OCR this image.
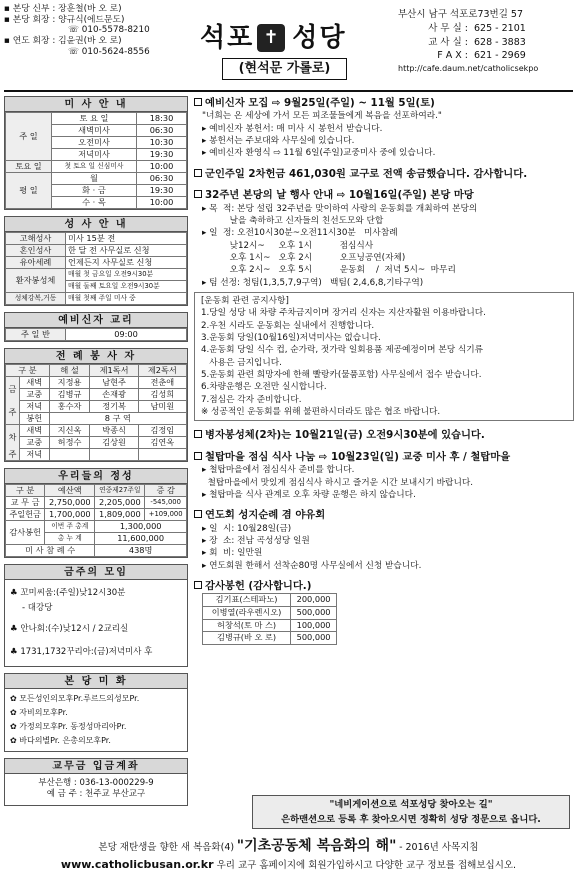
▪ 본당 신부 : 장훈철(바 오 로)
▪ 본당 회장 : 양규식(에드문도)
☏ 010-5578-8210
▪ 연도 회장 : 김윤권(바 오 로)
☏ 010-5624-8556	석포 성당
✝
(현석문 가롤로)
부산시 남구 석포로73번길 57
사 무 실 : 625 - 2101
교 사 실 : 628 - 3883
F A X : 621 - 2969
http://cafe.daum.net/catholicsekpo
미 사 안 내
주 일	토 요 일	18:30
	새벽미사	06:30
	오전미사	10:30
	저녁미사	19:30
토요 일	첫 토요 일 신심미사	10:00
평 일	월	06:30
	화 · 금	19:30
	수 · 목	10:00
성 사 안 내
고해성사	미사 15분 전
혼인성사	한 달 전 사무실로 신청
유아세례	언제든지 사무실로 신청
환자봉성체	매월 첫 금요일 오전9시30분
	매월 둘째 토요일 오전9시30분
성체강복,거동	매월 첫째 주일 미사 중
예비신자 교리
주 일 반	09:00
전 례 봉 사 자
구 분		해 설	제1독서	제2독서
금	새벽	지정용	남현주	전춘애
	교중	김병규	손재광	김성희
주	저녁	홍수자	정기복	남미원
	봉헌	8 구 역		
차	새벽	지신옥	박종식	김정임
	교중	허정수	김상원	김연옥
주	저녁			
우리들의 정성
구 분	예산액	연중제27주일	증 감
교 무 금	2,750,000	2,205,000	-545,000
주일헌금	1,700,000	1,809,000	+109,000
감사봉헌	이번 주 총계	1,300,000	
	총 누 계	11,600,000	
미 사 참 례 수		438명	
금주의 모임
♣ 꼬미씨움:(주일)낮12시30분
- 대강당
♣ 안나회:(수)낮12시 / 2교리실
♣ 1731,1732꾸리아:(금)저녁미사 후
본 당 미 화
✿ 모든성인의모후Pr.루르드의성모Pr.
✿ 자비의모후Pr.
✿ 가정의모후Pr. 동정성마리아Pr.
✿ 바다의별Pr. 은총의모후Pr.
교무금 입금계좌
부산은행 : 036-13-000229-9
예 금 주 : 천주교 부산교구
예비신자 모집 ⇨ 9월25일(주일) ~ 11월 5일(토)
"너희는 온 세상에 가서 모든 피조물들에게 복음을 선포하여라."
▸ 예비신자 봉헌서: 매 미사 시 봉헌서 받습니다.
▸ 봉헌서는 주보대와 사무실에 있습니다.
▸ 예비신자 환영식 ⇨ 11월 6일(주일)교중미사 중에 있습니다.
군인주일 2차헌금 461,030원 교구로 전액 송금했습니다. 감사합니다.
32주년 본당의 날 행사 안내 ⇨ 10월16일(주일) 본당 마당
▸ 목  적: 본당 설립 32주년을 맞이하여 사랑의 운동회를 개최하여 본당의
날을 축하하고 신자들의 친선도모와 단합
▸ 일  정: 오전10시30분~오전11시30분   미사참례
낮12시~     오후 1시          점심식사
오후 1시~   오후 2시          오프닝공연(자체)
오후 2시~   오후 5시          운동회    /  저녁 5시~  마무리
▸ 팀 선정: 청팀(1,3,5,7,9구역)   백팀( 2,4,6,8,기타구역)
[운동회 관련 공지사항]
1.당일 성당 내 차량 주차금지이며 장거리 신자는 지산자활원 이용바랍니다.
2.우천 시라도 운동회는 실내에서 진행합니다.
3.운동회 당일(10월16일)저녁미사는 없습니다.
4.운동회 당일 식수 컵, 순가락, 젓가락 일회용품 제공예정이며 본당 식기류
사용은 금지입니다.
5.운동회 관련 희망자에 한해 빨랑카(물품포함) 사무실에서 접수 받습니다.
6.차량운행은 오전만 실시합니다.
7.점심은 각자 준비합니다.
※ 성공적인 운동회를 위해 불편하시더라도 많은 협조 바랍니다.
병자봉성체(2차)는 10월21일(금) 오전9시30분에 있습니다.
철탑마을 점심 식사 나눔 ⇨ 10월23일(일) 교중 미사 후 / 철탑마을
▸ 철탑마을에서 점심식사 준비를 합니다.
철탑마을에서 맛있게 점심식사 하시고 즐거운 시간 보내시기 바랍니다.
▸ 철탑마을 식사 관계로 오후 차량 운행은 하지 않습니다.
연도회 성지순례 겸 야유회
▸ 일  시: 10월28일(금)
▸ 장  소: 전남 곡성성당 일원
▸ 회  비: 일만원
▸ 연도회원 한해서 선착순80명 사무실에서 신청 받습니다.
감사봉헌 (감사합니다.)
김기표(스테파노)	200,000
이병열(라우렌시오)	500,000
허창석(토 마 스)	100,000
김병규(바 오 로)	500,000
"네비게이션으로 석포성당 찾아오는 길"
은하맨션으로 등록 후 찾아오시면 정확히 성당 정문으로 옵니다.
본당 재탄생을 향한 새 복음화(4) "기초공동체 복음화의 해" - 2016년 사목지침
www.catholicbusan.or.kr 우리 교구 홈페이지에 회원가입하시고 다양한 교구 정보를 접해보십시오.
